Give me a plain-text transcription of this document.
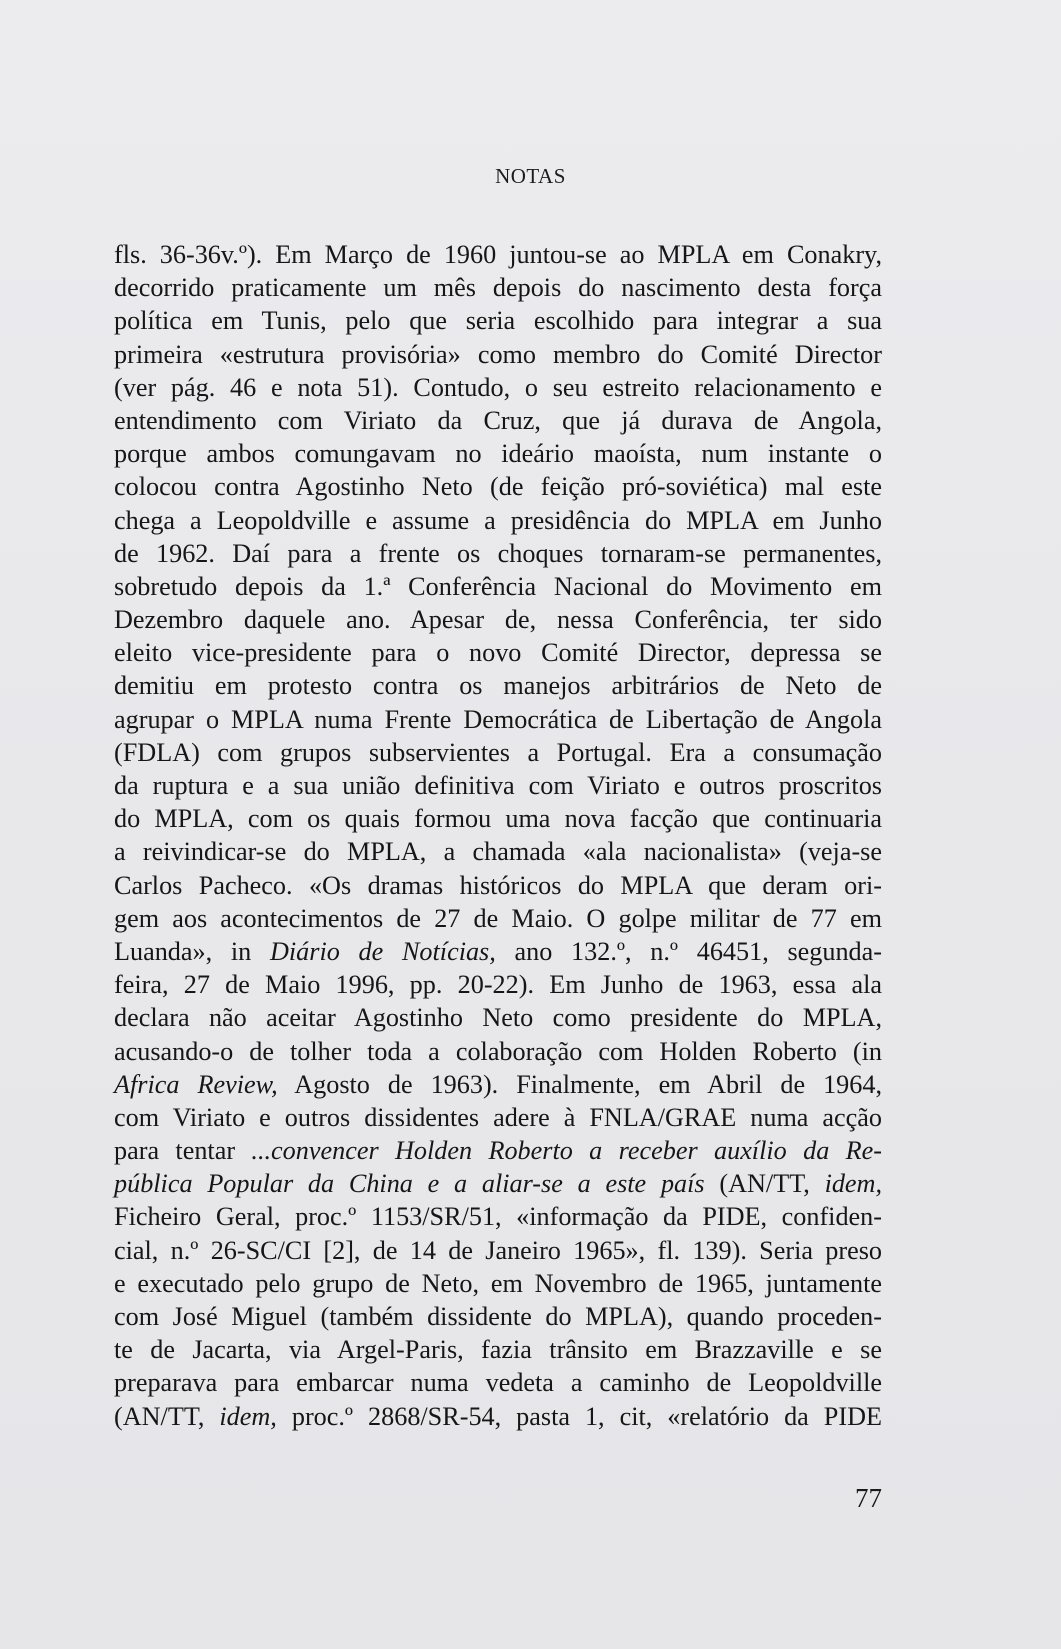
NOTAS
fls. 36-36v.º). Em Março de 1960 juntou-se ao MPLA em Conakry,
decorrido praticamente um mês depois do nascimento desta força
política em Tunis, pelo que seria escolhido para integrar a sua
primeira «estrutura provisória» como membro do Comité Director
(ver pág. 46 e nota 51). Contudo, o seu estreito relacionamento e
entendimento com Viriato da Cruz, que já durava de Angola,
porque ambos comungavam no ideário maoísta, num instante o
colocou contra Agostinho Neto (de feição pró-soviética) mal este
chega a Leopoldville e assume a presidência do MPLA em Junho
de 1962. Daí para a frente os choques tornaram-se permanentes,
sobretudo depois da 1.ª Conferência Nacional do Movimento em
Dezembro daquele ano. Apesar de, nessa Conferência, ter sido
eleito vice-presidente para o novo Comité Director, depressa se
demitiu em protesto contra os manejos arbitrários de Neto de
agrupar o MPLA numa Frente Democrática de Libertação de Angola
(FDLA) com grupos subservientes a Portugal. Era a consumação
da ruptura e a sua união definitiva com Viriato e outros proscritos
do MPLA, com os quais formou uma nova facção que continuaria
a reivindicar-se do MPLA, a chamada «ala nacionalista» (veja-se
Carlos Pacheco. «Os dramas históricos do MPLA que deram ori-
gem aos acontecimentos de 27 de Maio. O golpe militar de 77 em
Luanda», in Diário de Notícias, ano 132.º, n.º 46451, segunda-
feira, 27 de Maio 1996, pp. 20-22). Em Junho de 1963, essa ala
declara não aceitar Agostinho Neto como presidente do MPLA,
acusando-o de tolher toda a colaboração com Holden Roberto (in
Africa Review, Agosto de 1963). Finalmente, em Abril de 1964,
com Viriato e outros dissidentes adere à FNLA/GRAE numa acção
para tentar ...convencer Holden Roberto a receber auxílio da Re-
pública Popular da China e a aliar-se a este país (AN/TT, idem,
Ficheiro Geral, proc.º 1153/SR/51, «informação da PIDE, confiden-
cial, n.º 26-SC/CI [2], de 14 de Janeiro 1965», fl. 139). Seria preso
e executado pelo grupo de Neto, em Novembro de 1965, juntamente
com José Miguel (também dissidente do MPLA), quando proceden-
te de Jacarta, via Argel-Paris, fazia trânsito em Brazzaville e se
preparava para embarcar numa vedeta a caminho de Leopoldville
(AN/TT, idem, proc.º 2868/SR-54, pasta 1, cit, «relatório da PIDE
77
